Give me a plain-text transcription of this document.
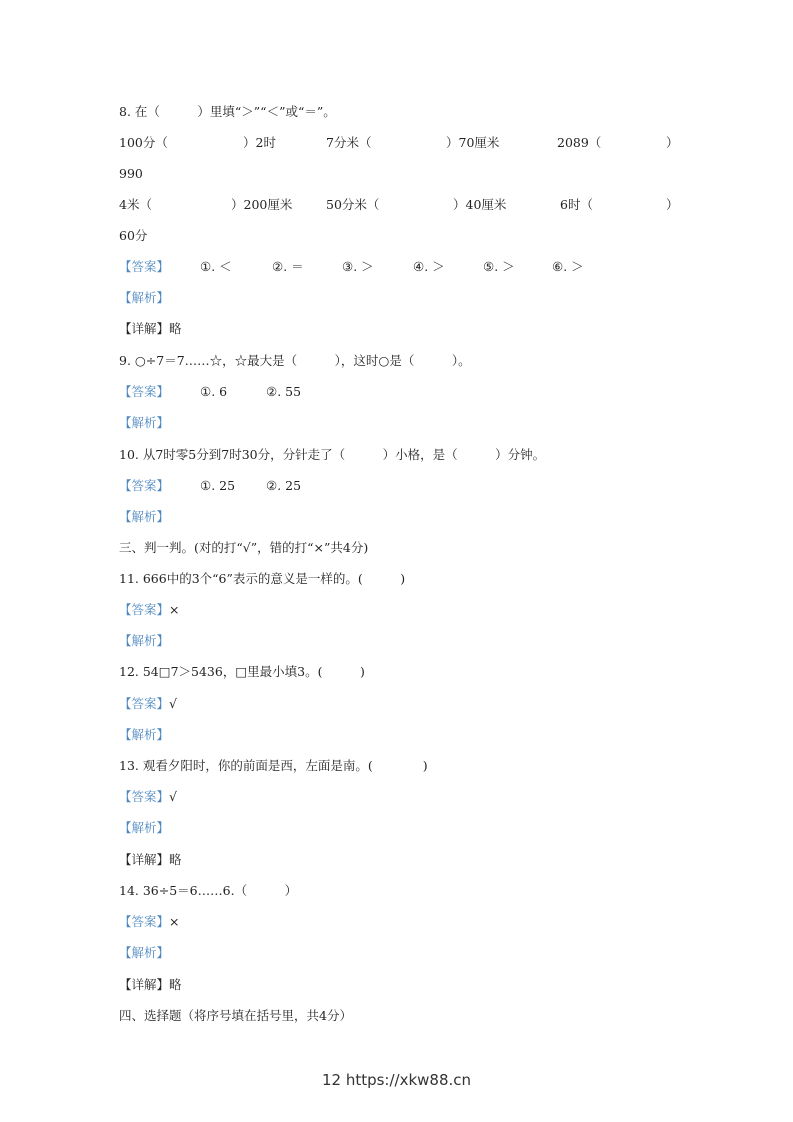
8. 在（　　　）里填“＞”“＜”或“＝”。
100分（	）2时	7分米（	）70厘米	2089（	）
990
4米（	）200厘米	50分米（	）40厘米	6时（	）
60分
【答案】 ①. ＜	②. ＝	③. ＞	④. ＞	⑤. ＞	⑥. ＞
【解析】
【详解】略
9. ○÷7＝7……☆，☆最大是（　　　），这时○是（　　　）。
【答案】 ①. 6	②. 55
【解析】
10. 从7时零5分到7时30分，分针走了（　　　）小格，是（　　　）分钟。
【答案】 ①. 25 ②. 25
【解析】
三、判一判。(对的打“√”，错的打“×”共4分)
11. 666中的3个“6”表示的意义是一样的。(　　　)
【答案】×
【解析】
12. 54□7＞5436，□里最小填3。(　　　)
【答案】√
【解析】
13. 观看夕阳时，你的前面是西，左面是南。(　　　　)
【答案】√
【解析】
【详解】略
14. 36÷5＝6……6.（　　　）
【答案】×
【解析】
【详解】略
四、选择题（将序号填在括号里，共4分）
12 https://xkw88.cn
